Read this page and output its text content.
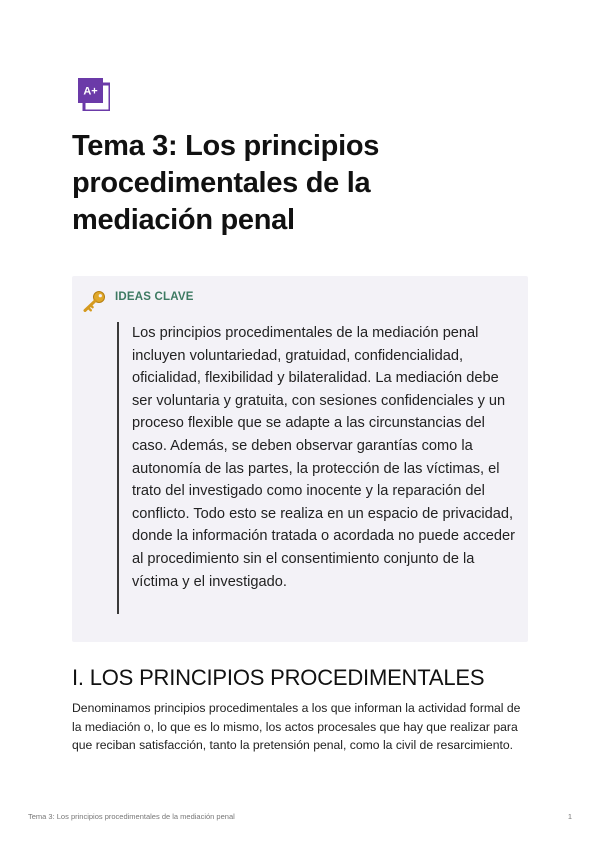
A+
Tema 3: Los principios procedimentales de la mediación penal
IDEAS CLAVE

Los principios procedimentales de la mediación penal incluyen voluntariedad, gratuidad, confidencialidad, oficialidad, flexibilidad y bilateralidad. La mediación debe ser voluntaria y gratuita, con sesiones confidenciales y un proceso flexible que se adapte a las circunstancias del caso. Además, se deben observar garantías como la autonomía de las partes, la protección de las víctimas, el trato del investigado como inocente y la reparación del conflicto. Todo esto se realiza en un espacio de privacidad, donde la información tratada o acordada no puede acceder al procedimiento sin el consentimiento conjunto de la víctima y el investigado.

I. LOS PRINCIPIOS PROCEDIMENTALES

Denominamos principios procedimentales a los que informan la actividad formal de la mediación o, lo que es lo mismo, los actos procesales que hay que realizar para que reciban satisfacción, tanto la pretensión penal, como la civil de resarcimiento.

Tema 3: Los principios procedimentales de la mediación penal	1
